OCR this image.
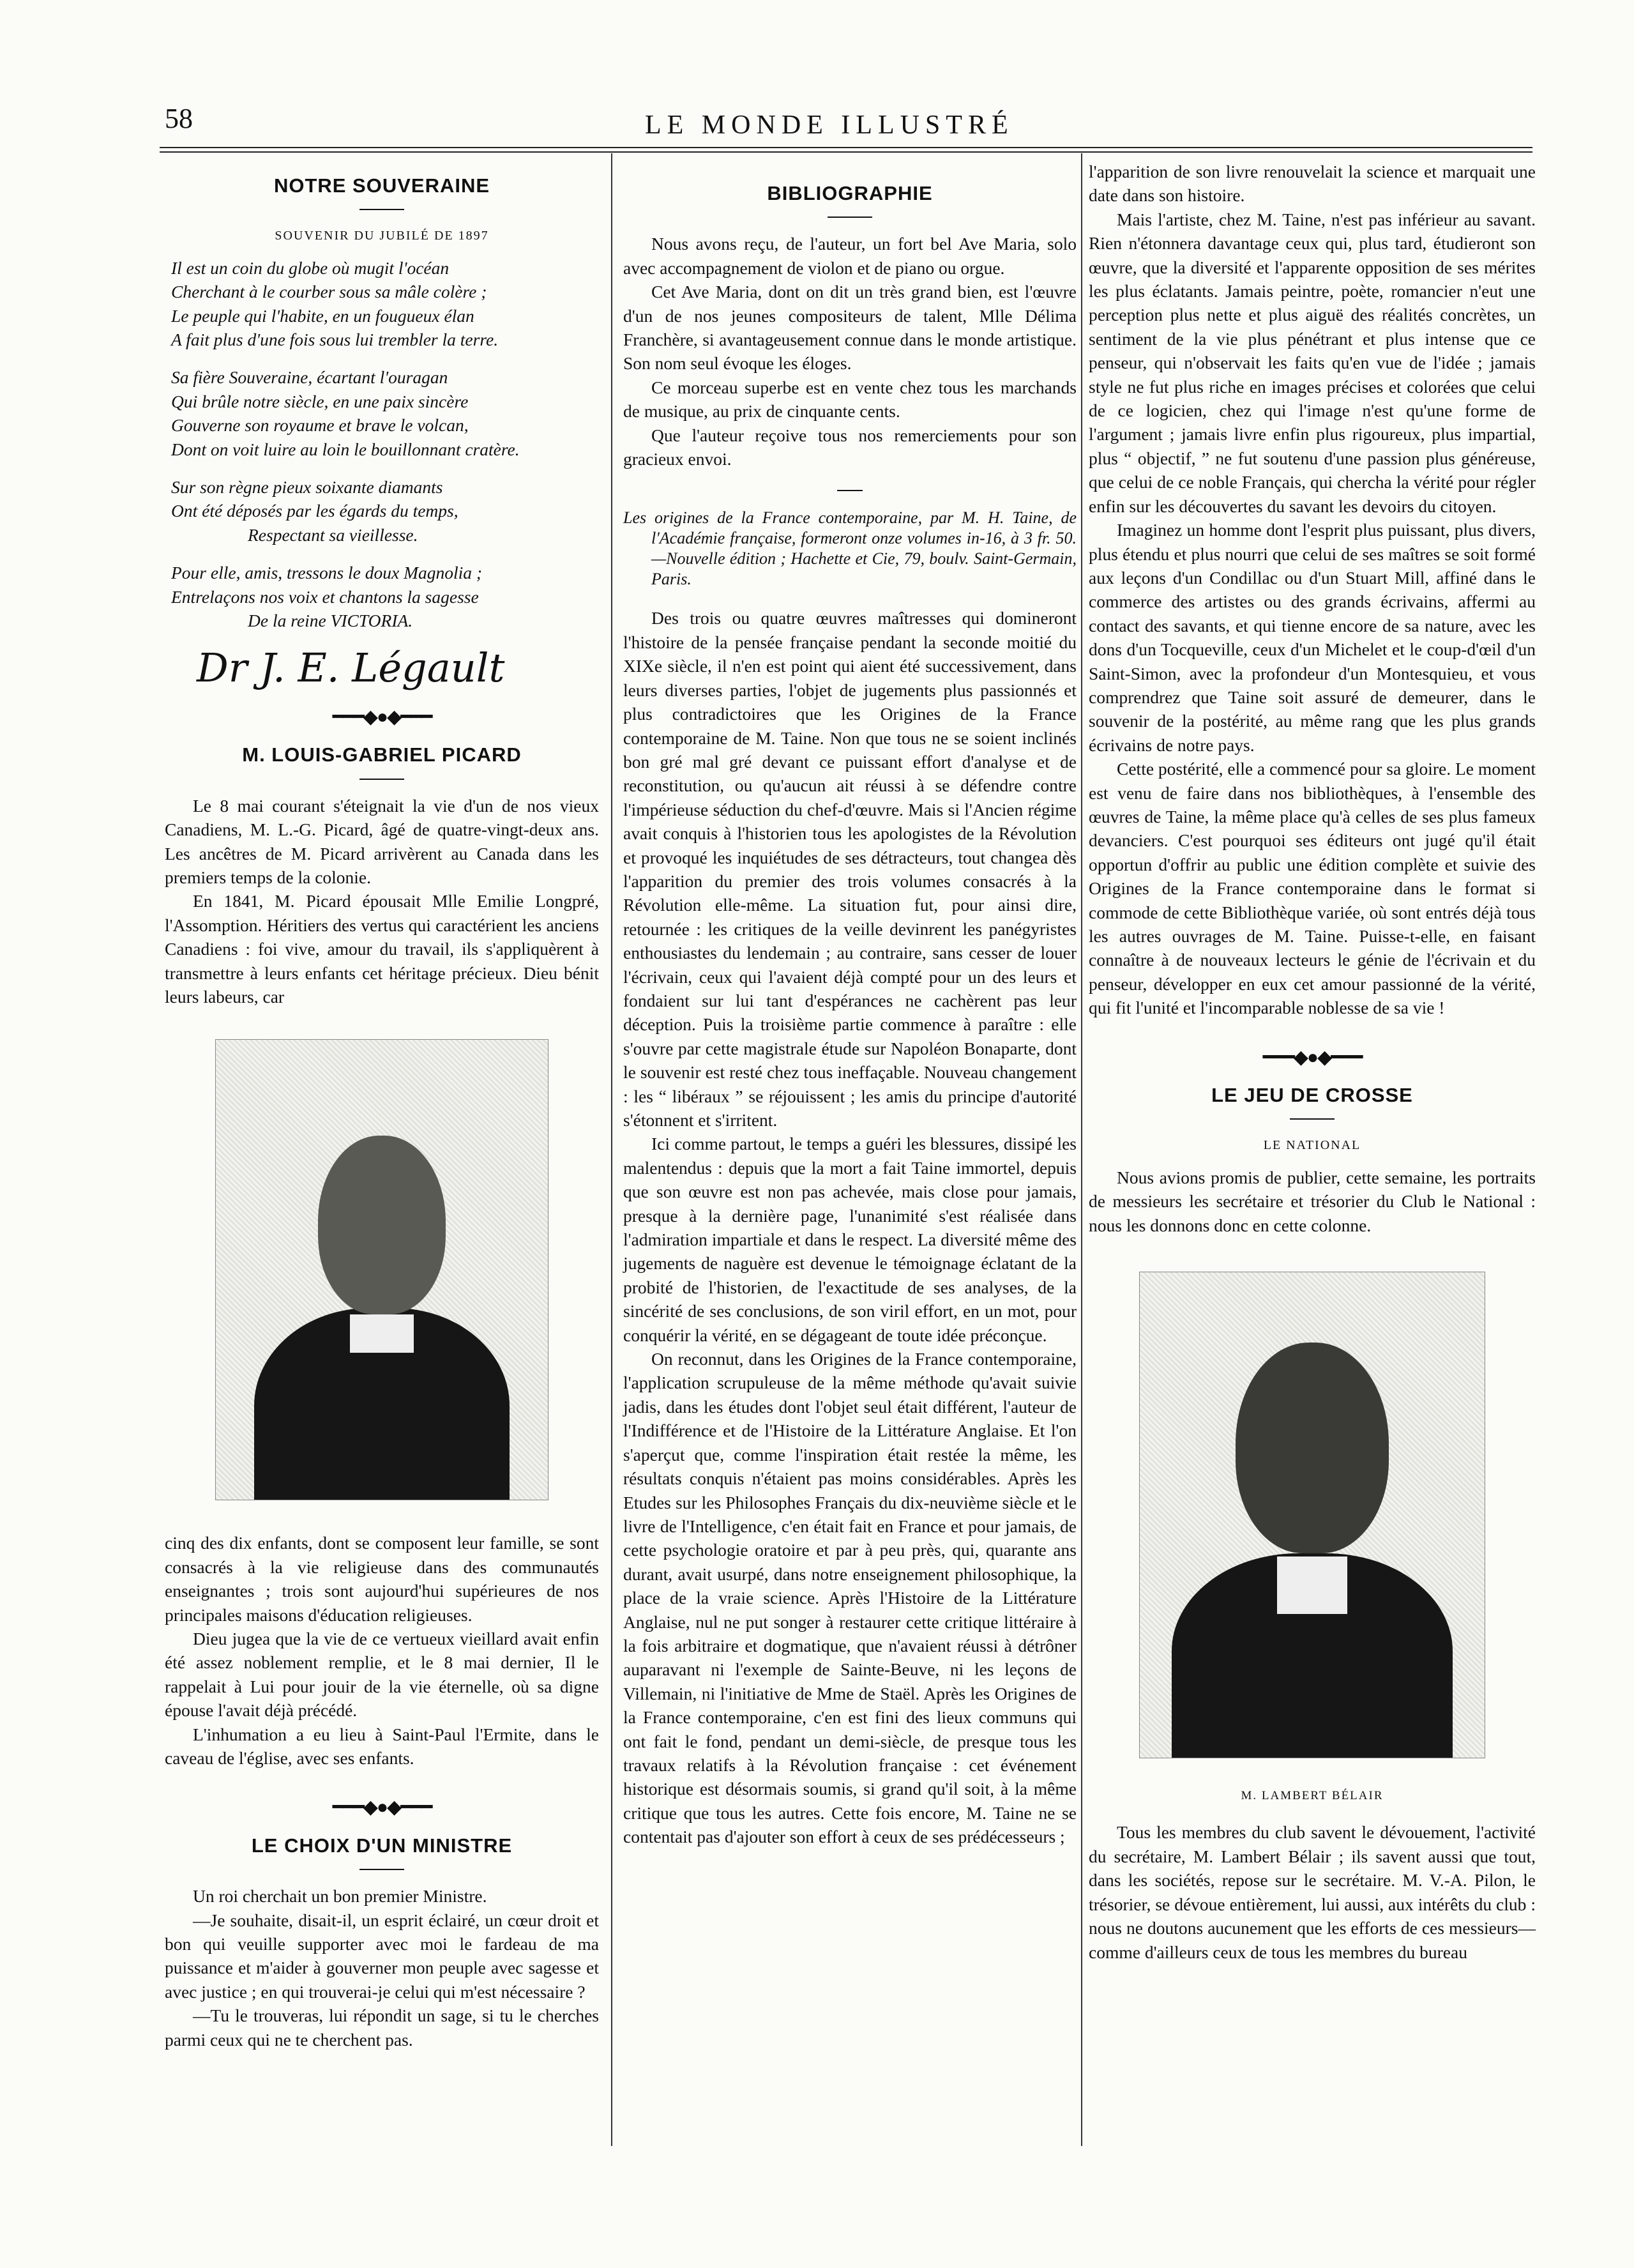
58	LE MONDE ILLUSTRÉ
NOTRE SOUVERAINE
SOUVENIR DU JUBILÉ DE 1897
Il est un coin du globe où mugit l'océan
Cherchant à le courber sous sa mâle colère ;
Le peuple qui l'habite, en un fougueux élan
A fait plus d'une fois sous lui trembler la terre.
Sa fière Souveraine, écartant l'ouragan
Qui brûle notre siècle, en une paix sincère
Gouverne son royaume et brave le volcan,
Dont on voit luire au loin le bouillonnant cratère.
Sur son règne pieux soixante diamants
Ont été déposés par les égards du temps,
Respectant sa vieillesse.
Pour elle, amis, tressons le doux Magnolia ;
Entrelaçons nos voix et chantons la sagesse
De la reine VICTORIA.
Dr J. E. Légault
━━━◆●◆━━━
M. LOUIS-GABRIEL PICARD

Le 8 mai courant s'éteignait la vie d'un de nos vieux Canadiens, M. L.-G. Picard, âgé de quatre-vingt-deux ans. Les ancêtres de M. Picard arrivèrent au Canada dans les premiers temps de la colonie.

En 1841, M. Picard épousait Mlle Emilie Longpré, l'Assomption. Héritiers des vertus qui caractérient les anciens Canadiens : foi vive, amour du travail, ils s'appliquèrent à transmettre à leurs enfants cet héritage précieux. Dieu bénit leurs labeurs, car

cinq des dix enfants, dont se composent leur famille, se sont consacrés à la vie religieuse dans des communautés enseignantes ; trois sont aujourd'hui supérieures de nos principales maisons d'éducation religieuses.

Dieu jugea que la vie de ce vertueux vieillard avait enfin été assez noblement remplie, et le 8 mai dernier, Il le rappelait à Lui pour jouir de la vie éternelle, où sa digne épouse l'avait déjà précédé.

L'inhumation a eu lieu à Saint-Paul l'Ermite, dans le caveau de l'église, avec ses enfants.

━━━◆●◆━━━
LE CHOIX D'UN MINISTRE

Un roi cherchait un bon premier Ministre.

—Je souhaite, disait-il, un esprit éclairé, un cœur droit et bon qui veuille supporter avec moi le fardeau de ma puissance et m'aider à gouverner mon peuple avec sagesse et avec justice ; en qui trouverai-je celui qui m'est nécessaire ?

—Tu le trouveras, lui répondit un sage, si tu le cherches parmi ceux qui ne te cherchent pas.

BIBLIOGRAPHIE

Nous avons reçu, de l'auteur, un fort bel Ave Maria, solo avec accompagnement de violon et de piano ou orgue.

Cet Ave Maria, dont on dit un très grand bien, est l'œuvre d'un de nos jeunes compositeurs de talent, Mlle Délima Franchère, si avantageusement connue dans le monde artistique. Son nom seul évoque les éloges.

Ce morceau superbe est en vente chez tous les marchands de musique, au prix de cinquante cents.

Que l'auteur reçoive tous nos remerciements pour son gracieux envoi.

Les origines de la France contemporaine, par M. H. Taine, de l'Académie française, formeront onze volumes in-16, à 3 fr. 50.—Nouvelle édition ; Hachette et Cie, 79, boulv. Saint-Germain, Paris.

Des trois ou quatre œuvres maîtresses qui domineront l'histoire de la pensée française pendant la seconde moitié du XIXe siècle, il n'en est point qui aient été successivement, dans leurs diverses parties, l'objet de jugements plus passionnés et plus contradictoires que les Origines de la France contemporaine de M. Taine. Non que tous ne se soient inclinés bon gré mal gré devant ce puissant effort d'analyse et de reconstitution, ou qu'aucun ait réussi à se défendre contre l'impérieuse séduction du chef-d'œuvre. Mais si l'Ancien régime avait conquis à l'historien tous les apologistes de la Révolution et provoqué les inquiétudes de ses détracteurs, tout changea dès l'apparition du premier des trois volumes consacrés à la Révolution elle-même. La situation fut, pour ainsi dire, retournée : les critiques de la veille devinrent les panégyristes enthousiastes du lendemain ; au contraire, sans cesser de louer l'écrivain, ceux qui l'avaient déjà compté pour un des leurs et fondaient sur lui tant d'espérances ne cachèrent pas leur déception. Puis la troisième partie commence à paraître : elle s'ouvre par cette magistrale étude sur Napoléon Bonaparte, dont le souvenir est resté chez tous ineffaçable. Nouveau changement : les “ libéraux ” se réjouissent ; les amis du principe d'autorité s'étonnent et s'irritent.

Ici comme partout, le temps a guéri les blessures, dissipé les malentendus : depuis que la mort a fait Taine immortel, depuis que son œuvre est non pas achevée, mais close pour jamais, presque à la dernière page, l'unanimité s'est réalisée dans l'admiration impartiale et dans le respect. La diversité même des jugements de naguère est devenue le témoignage éclatant de la probité de l'historien, de l'exactitude de ses analyses, de la sincérité de ses conclusions, de son viril effort, en un mot, pour conquérir la vérité, en se dégageant de toute idée préconçue.

On reconnut, dans les Origines de la France contemporaine, l'application scrupuleuse de la même méthode qu'avait suivie jadis, dans les études dont l'objet seul était différent, l'auteur de l'Indifférence et de l'Histoire de la Littérature Anglaise. Et l'on s'aperçut que, comme l'inspiration était restée la même, les résultats conquis n'étaient pas moins considérables. Après les Etudes sur les Philosophes Français du dix-neuvième siècle et le livre de l'Intelligence, c'en était fait en France et pour jamais, de cette psychologie oratoire et par à peu près, qui, quarante ans durant, avait usurpé, dans notre enseignement philosophique, la place de la vraie science. Après l'Histoire de la Littérature Anglaise, nul ne put songer à restaurer cette critique littéraire à la fois arbitraire et dogmatique, que n'avaient réussi à détrôner auparavant ni l'exemple de Sainte-Beuve, ni les leçons de Villemain, ni l'initiative de Mme de Staël. Après les Origines de la France contemporaine, c'en est fini des lieux communs qui ont fait le fond, pendant un demi-siècle, de presque tous les travaux relatifs à la Révolution française : cet événement historique est désormais soumis, si grand qu'il soit, à la même critique que tous les autres. Cette fois encore, M. Taine ne se contentait pas d'ajouter son effort à ceux de ses prédécesseurs ;

l'apparition de son livre renouvelait la science et marquait une date dans son histoire.

Mais l'artiste, chez M. Taine, n'est pas inférieur au savant. Rien n'étonnera davantage ceux qui, plus tard, étudieront son œuvre, que la diversité et l'apparente opposition de ses mérites les plus éclatants. Jamais peintre, poète, romancier n'eut une perception plus nette et plus aiguë des réalités concrètes, un sentiment de la vie plus pénétrant et plus intense que ce penseur, qui n'observait les faits qu'en vue de l'idée ; jamais style ne fut plus riche en images précises et colorées que celui de ce logicien, chez qui l'image n'est qu'une forme de l'argument ; jamais livre enfin plus rigoureux, plus impartial, plus “ objectif, ” ne fut soutenu d'une passion plus généreuse, que celui de ce noble Français, qui chercha la vérité pour régler enfin sur les découvertes du savant les devoirs du citoyen.

Imaginez un homme dont l'esprit plus puissant, plus divers, plus étendu et plus nourri que celui de ses maîtres se soit formé aux leçons d'un Condillac ou d'un Stuart Mill, affiné dans le commerce des artistes ou des grands écrivains, affermi au contact des savants, et qui tienne encore de sa nature, avec les dons d'un Tocqueville, ceux d'un Michelet et le coup-d'œil d'un Saint-Simon, avec la profondeur d'un Montesquieu, et vous comprendrez que Taine soit assuré de demeurer, dans le souvenir de la postérité, au même rang que les plus grands écrivains de notre pays.

Cette postérité, elle a commencé pour sa gloire. Le moment est venu de faire dans nos bibliothèques, à l'ensemble des œuvres de Taine, la même place qu'à celles de ses plus fameux devanciers. C'est pourquoi ses éditeurs ont jugé qu'il était opportun d'offrir au public une édition complète et suivie des Origines de la France contemporaine dans le format si commode de cette Bibliothèque variée, où sont entrés déjà tous les autres ouvrages de M. Taine. Puisse-t-elle, en faisant connaître à de nouveaux lecteurs le génie de l'écrivain et du penseur, développer en eux cet amour passionné de la vérité, qui fit l'unité et l'incomparable noblesse de sa vie !

━━━◆●◆━━━
LE JEU DE CROSSE
LE NATIONAL

Nous avions promis de publier, cette semaine, les portraits de messieurs les secrétaire et trésorier du Club le National : nous les donnons donc en cette colonne.

M. LAMBERT BÉLAIR

Tous les membres du club savent le dévouement, l'activité du secrétaire, M. Lambert Bélair ; ils savent aussi que tout, dans les sociétés, repose sur le secrétaire. M. V.-A. Pilon, le trésorier, se dévoue entièrement, lui aussi, aux intérêts du club : nous ne doutons aucunement que les efforts de ces messieurs—comme d'ailleurs ceux de tous les membres du bureau
